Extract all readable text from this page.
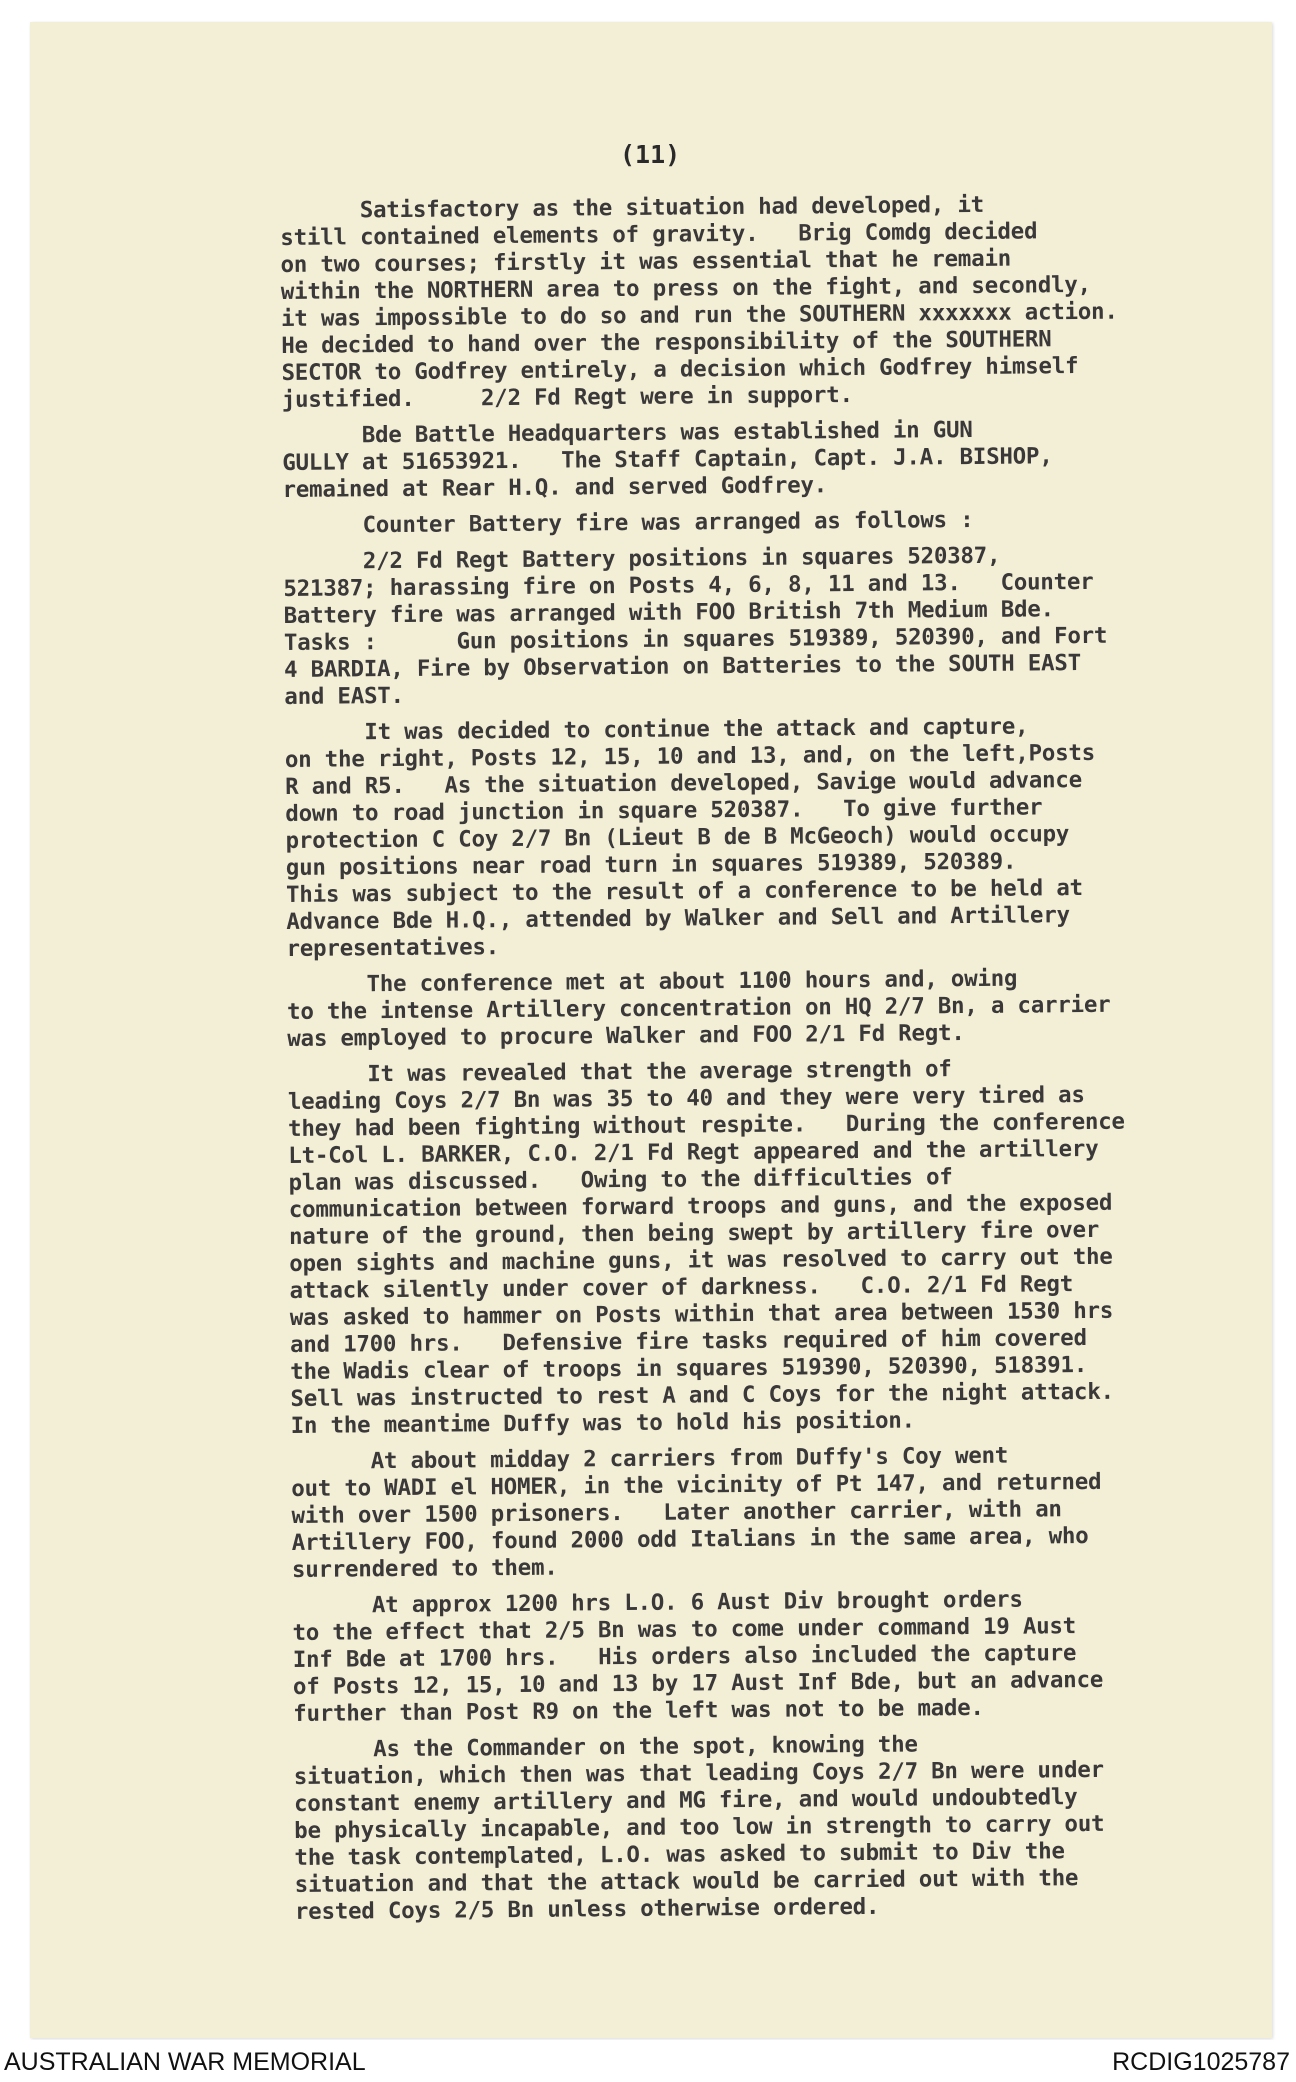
(11)
Satisfactory as the situation had developed, it
still contained elements of gravity.   Brig Comdg decided
on two courses; firstly it was essential that he remain
within the NORTHERN area to press on the fight, and secondly,
it was impossible to do so and run the SOUTHERN xxxxxxx action.
He decided to hand over the responsibility of the SOUTHERN
SECTOR to Godfrey entirely, a decision which Godfrey himself
justified.     2/2 Fd Regt were in support.
Bde Battle Headquarters was established in GUN
GULLY at 51653921.   The Staff Captain, Capt. J.A. BISHOP,
remained at Rear H.Q. and served Godfrey.
Counter Battery fire was arranged as follows :
2/2 Fd Regt Battery positions in squares 520387,
521387; harassing fire on Posts 4, 6, 8, 11 and 13.   Counter
Battery fire was arranged with FOO British 7th Medium Bde.
Tasks :      Gun positions in squares 519389, 520390, and Fort
4 BARDIA, Fire by Observation on Batteries to the SOUTH EAST
and EAST.
It was decided to continue the attack and capture,
on the right, Posts 12, 15, 10 and 13, and, on the left,Posts
R and R5.   As the situation developed, Savige would advance
down to road junction in square 520387.   To give further
protection C Coy 2/7 Bn (Lieut B de B McGeoch) would occupy
gun positions near road turn in squares 519389, 520389.
This was subject to the result of a conference to be held at
Advance Bde H.Q., attended by Walker and Sell and Artillery
representatives.
The conference met at about 1100 hours and, owing
to the intense Artillery concentration on HQ 2/7 Bn, a carrier
was employed to procure Walker and FOO 2/1 Fd Regt.
It was revealed that the average strength of
leading Coys 2/7 Bn was 35 to 40 and they were very tired as
they had been fighting without respite.   During the conference
Lt-Col L. BARKER, C.O. 2/1 Fd Regt appeared and the artillery
plan was discussed.   Owing to the difficulties of
communication between forward troops and guns, and the exposed
nature of the ground, then being swept by artillery fire over
open sights and machine guns, it was resolved to carry out the
attack silently under cover of darkness.   C.O. 2/1 Fd Regt
was asked to hammer on Posts within that area between 1530 hrs
and 1700 hrs.   Defensive fire tasks required of him covered
the Wadis clear of troops in squares 519390, 520390, 518391.
Sell was instructed to rest A and C Coys for the night attack.
In the meantime Duffy was to hold his position.
At about midday 2 carriers from Duffy's Coy went
out to WADI el HOMER, in the vicinity of Pt 147, and returned
with over 1500 prisoners.   Later another carrier, with an
Artillery FOO, found 2000 odd Italians in the same area, who
surrendered to them.
At approx 1200 hrs L.O. 6 Aust Div brought orders
to the effect that 2/5 Bn was to come under command 19 Aust
Inf Bde at 1700 hrs.   His orders also included the capture
of Posts 12, 15, 10 and 13 by 17 Aust Inf Bde, but an advance
further than Post R9 on the left was not to be made.
As the Commander on the spot, knowing the
situation, which then was that leading Coys 2/7 Bn were under
constant enemy artillery and MG fire, and would undoubtedly
be physically incapable, and too low in strength to carry out
the task contemplated, L.O. was asked to submit to Div the
situation and that the attack would be carried out with the
rested Coys 2/5 Bn unless otherwise ordered.
AUSTRALIAN WAR MEMORIAL	RCDIG1025787
